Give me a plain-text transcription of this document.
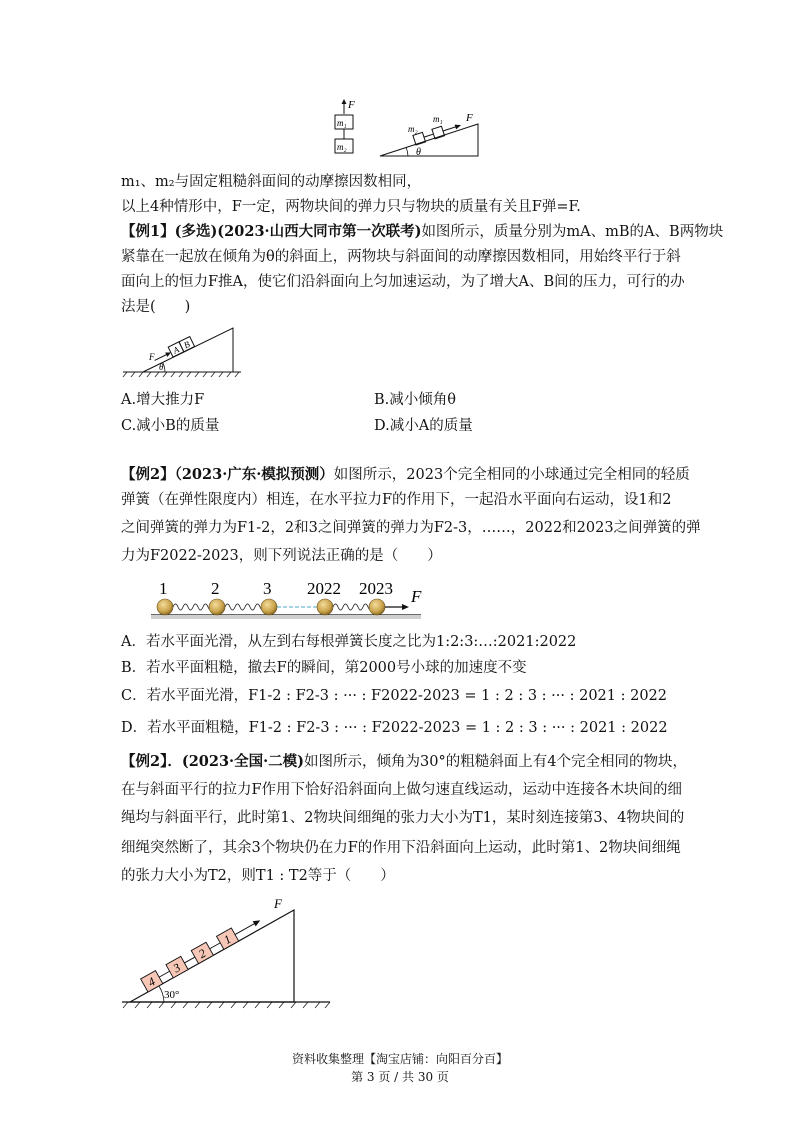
F
m₁
m₂	θ
m₂
m₁ F
m₁、m₂与固定粗糙斜面间的动摩擦因数相同，
以上4种情形中，F一定，两物块间的弹力只与物块的质量有关且F弹=F.
【例1】(多选)(2023·山西大同市第一次联考)如图所示，质量分别为mA、mB的A、B两物块
紧靠在一起放在倾角为θ的斜面上，两物块与斜面间的动摩擦因数相同，用始终平行于斜
面向上的恒力F推A，使它们沿斜面向上匀加速运动，为了增大A、B间的压力，可行的办
法是(　　)
θ
A B
F
A.增大推力F	B.减小倾角θ
C.减小B的质量	D.减小A的质量
【例2】（2023·广东·模拟预测）如图所示，2023个完全相同的小球通过完全相同的轻质
弹簧（在弹性限度内）相连，在水平拉力F的作用下，一起沿水平面向右运动，设1和2
之间弹簧的弹力为F1-2，2和3之间弹簧的弹力为F2-3，……，2022和2023之间弹簧的弹
力为F2022-2023，则下列说法正确的是（　　）
1	2	3 2022 2023 F
A．若水平面光滑，从左到右每根弹簧长度之比为1:2:3:…:2021:2022
B．若水平面粗糙，撤去F的瞬间，第2000号小球的加速度不变
C．若水平面光滑，F1-2 : F2-3 : ··· : F2022-2023 = 1 : 2 : 3 : ··· : 2021 : 2022
D．若水平面粗糙，F1-2 : F2-3 : ··· : F2022-2023 = 1 : 2 : 3 : ··· : 2021 : 2022
【例2】．(2023·全国·二模)如图所示，倾角为30°的粗糙斜面上有4个完全相同的物块，
在与斜面平行的拉力F作用下恰好沿斜面向上做匀速直线运动，运动中连接各木块间的细
绳均与斜面平行，此时第1、2物块间细绳的张力大小为T1，某时刻连接第3、4物块间的
细绳突然断了，其余3个物块仍在力F的作用下沿斜面向上运动，此时第1、2物块间细绳
的张力大小为T2，则T1 : T2等于（　　）
30°
4
3
2
1
F
资料收集整理【淘宝店铺：向阳百分百】
第 3 页 / 共 30 页
